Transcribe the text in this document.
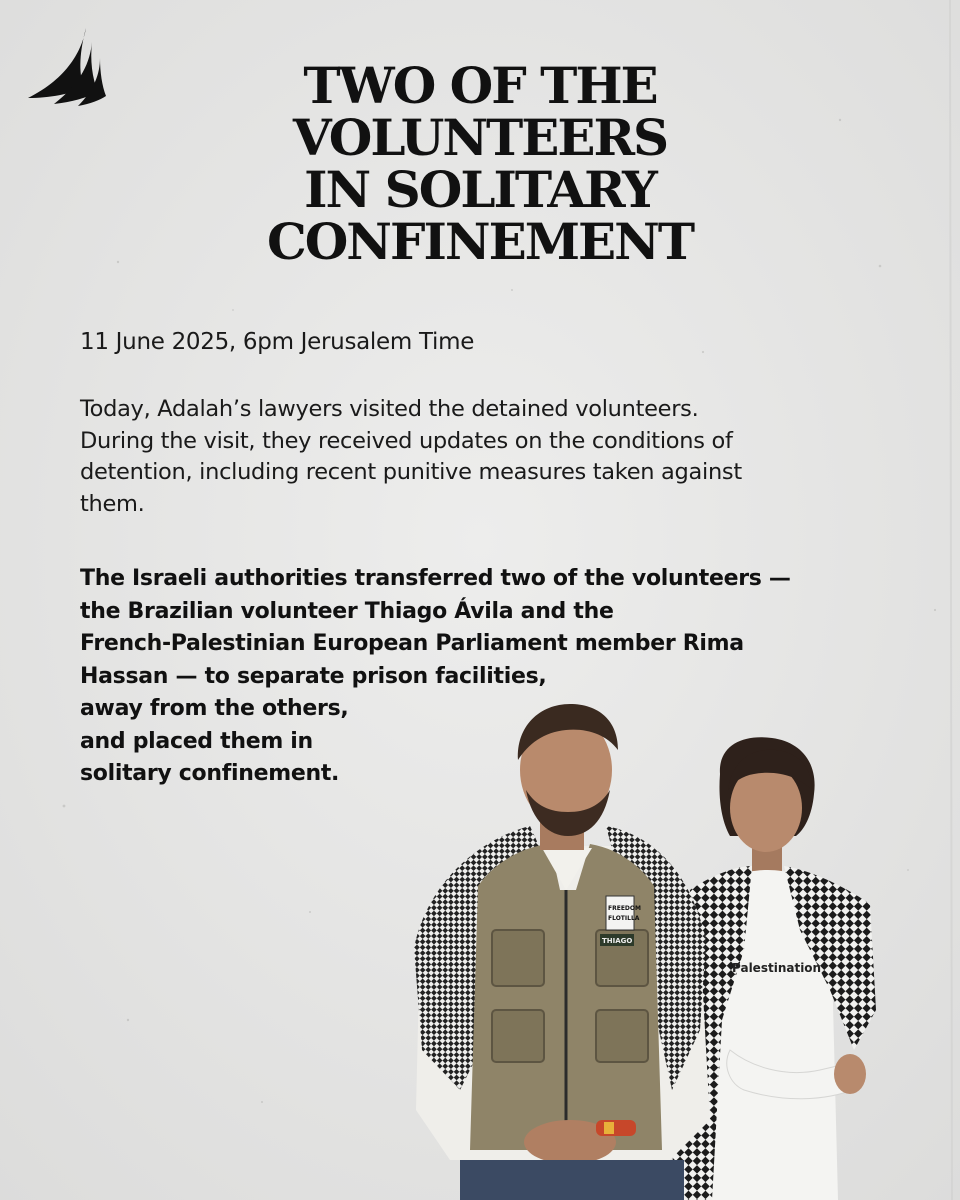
TWO OF THE
VOLUNTEERS
IN SOLITARY
CONFINEMENT

11 June 2025, 6pm Jerusalem Time

Today, Adalah’s lawyers visited the detained volunteers.
During the visit, they received updates on the conditions of
detention, including recent punitive measures taken against
them.

The Israeli authorities transferred two of the volunteers —
the Brazilian volunteer Thiago Ávila and the
French-Palestinian European Parliament member Rima
Hassan — to separate prison facilities,
away from the others,
and placed them in
solitary confinement.

Palestination
FREEDOM
FLOTILLA
THIAGO
